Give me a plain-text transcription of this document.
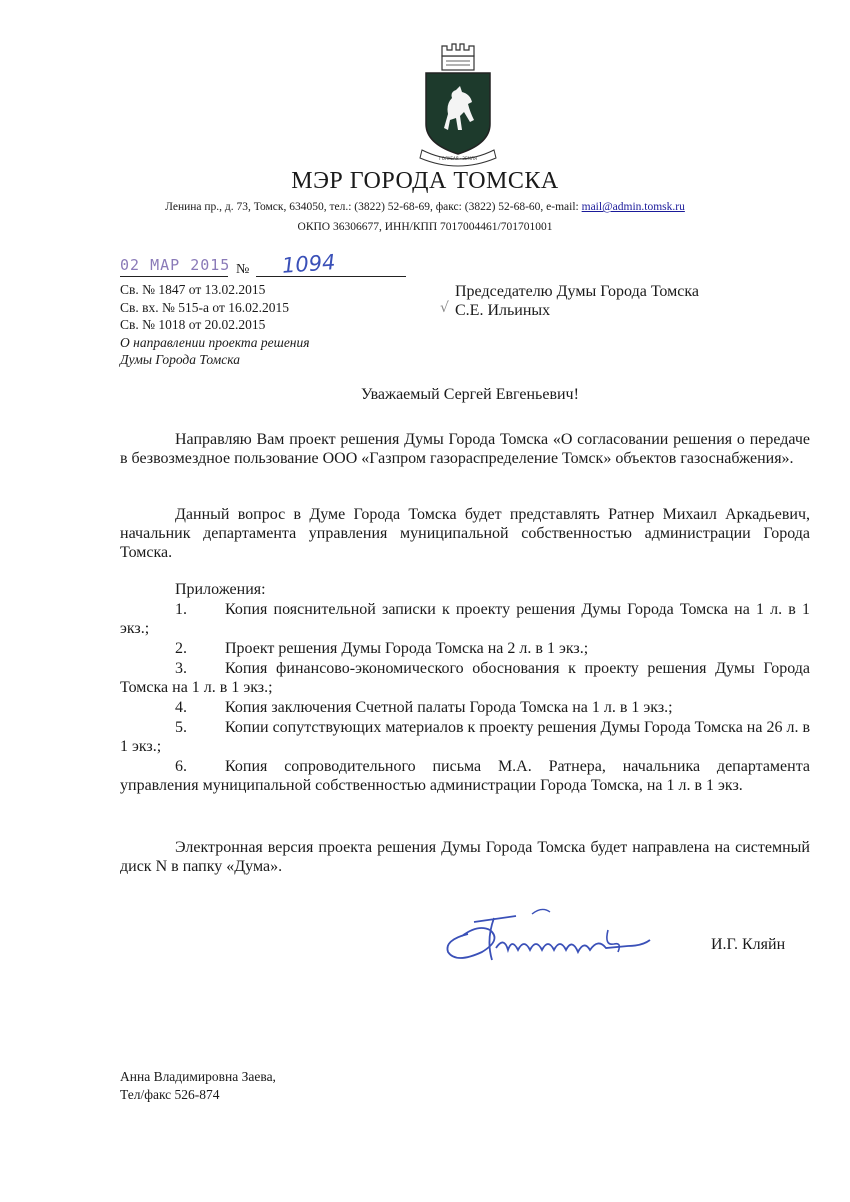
ГОЛУБАЯ · ЗЕМЛЯ
МЭР ГОРОДА ТОМСКА
Ленина пр., д. 73, Томск, 634050, тел.: (3822) 52-68-69, факс: (3822) 52-68-60, e-mail: mail@admin.tomsk.ru
ОКПО 36306677, ИНН/КПП 7017004461/701701001
02 МАР 2015 № 1094
Св. № 1847 от 13.02.2015
Св. вх. № 515-а от 16.02.2015
Св. № 1018 от 20.02.2015
О направлении проекта решения
Думы Города Томска
√
Председателю Думы Города Томска
С.Е. Ильиных
Уважаемый Сергей Евгеньевич!

Направляю Вам проект решения Думы Города Томска «О согласовании решения о передаче в безвозмездное пользование ООО «Газпром газораспределение Томск» объектов газоснабжения».

Данный вопрос в Думе Города Томска будет представлять Ратнер Михаил Аркадьевич, начальник департамента управления муниципальной собственностью администрации Города Томска.

Приложения:
1. Копия пояснительной записки к проекту решения Думы Города Томска на 1 л. в 1 экз.;
2. Проект решения Думы Города Томска на 2 л. в 1 экз.;
3. Копия финансово-экономического обоснования к проекту решения Думы Города Томска на 1 л. в 1 экз.;
4. Копия заключения Счетной палаты Города Томска на 1 л. в 1 экз.;
5. Копии сопутствующих материалов к проекту решения Думы Города Томска на 26 л. в 1 экз.;
6. Копия сопроводительного письма М.А. Ратнера, начальника департамента управления муниципальной собственностью администрации Города Томска, на 1 л. в 1 экз.

Электронная версия проекта решения Думы Города Томска будет направлена на системный диск N в папку «Дума».

И.Г. Кляйн
Анна Владимировна Заева,
Тел/факс 526-874
